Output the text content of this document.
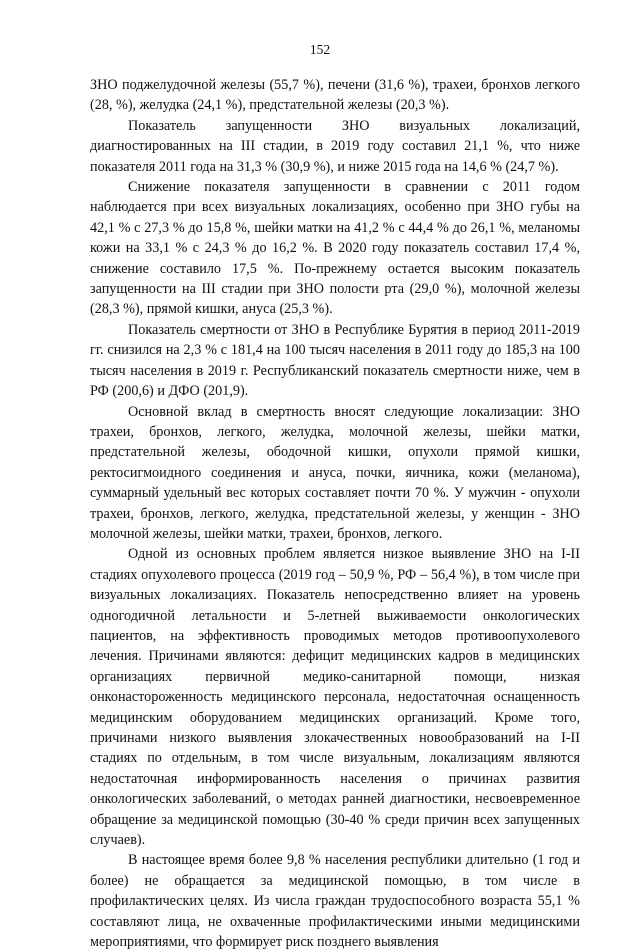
152

ЗНО поджелудочной железы (55,7 %), печени (31,6 %), трахеи, бронхов легкого (28, %), желудка (24,1 %), предстательной железы (20,3 %).

Показатель запущенности ЗНО визуальных локализаций, диагностированных на III стадии, в 2019 году составил 21,1 %, что ниже показателя 2011 года на 31,3 % (30,9 %), и ниже 2015 года на 14,6 % (24,7 %).

Снижение показателя запущенности в сравнении с 2011 годом наблюдается при всех визуальных локализациях, особенно при ЗНО губы на 42,1 % с 27,3 % до 15,8 %, шейки матки на 41,2 % с 44,4 % до 26,1 %, меланомы кожи на 33,1 % с 24,3 % до 16,2 %. В 2020 году показатель составил 17,4 %, снижение составило 17,5 %. По-прежнему остается высоким показатель запущенности на III стадии при ЗНО полости рта (29,0 %), молочной железы (28,3 %), прямой кишки, ануса (25,3 %).

Показатель смертности от ЗНО в Республике Бурятия в период 2011-2019 гг. снизился на 2,3 % с 181,4 на 100 тысяч населения в 2011 году до 185,3 на 100 тысяч населения в 2019 г. Республиканский показатель смертности ниже, чем в РФ (200,6) и ДФО (201,9).

Основной вклад в смертность вносят следующие локализации: ЗНО трахеи, бронхов, легкого, желудка, молочной железы, шейки матки, предстательной железы, ободочной кишки, опухоли прямой кишки, ректосигмоидного соединения и ануса, почки, яичника, кожи (меланома), суммарный удельный вес которых составляет почти 70 %. У мужчин - опухоли трахеи, бронхов, легкого, желудка, предстательной железы, у женщин - ЗНО молочной железы, шейки матки, трахеи, бронхов, легкого.

Одной из основных проблем является низкое выявление ЗНО на I-II стадиях опухолевого процесса (2019 год – 50,9 %, РФ – 56,4 %), в том числе при визуальных локализациях. Показатель непосредственно влияет на уровень одногодичной летальности и 5-летней выживаемости онкологических пациентов, на эффективность проводимых методов противоопухолевого лечения. Причинами являются: дефицит медицинских кадров в медицинских организациях первичной медико-санитарной помощи, низкая онконастороженность медицинского персонала, недостаточная оснащенность медицинским оборудованием медицинских организаций. Кроме того, причинами низкого выявления злокачественных новообразований на I-II стадиях по отдельным, в том числе визуальным, локализациям являются недостаточная информированность населения о причинах развития онкологических заболеваний, о методах ранней диагностики, несвоевременное обращение за медицинской помощью (30-40 % среди причин всех запущенных случаев).

В настоящее время более 9,8 % населения республики длительно (1 год и более) не обращается за медицинской помощью, в том числе в профилактических целях. Из числа граждан трудоспособного возраста 55,1 % составляют лица, не охваченные профилактическими иными медицинскими мероприятиями, что формирует риск позднего выявления
